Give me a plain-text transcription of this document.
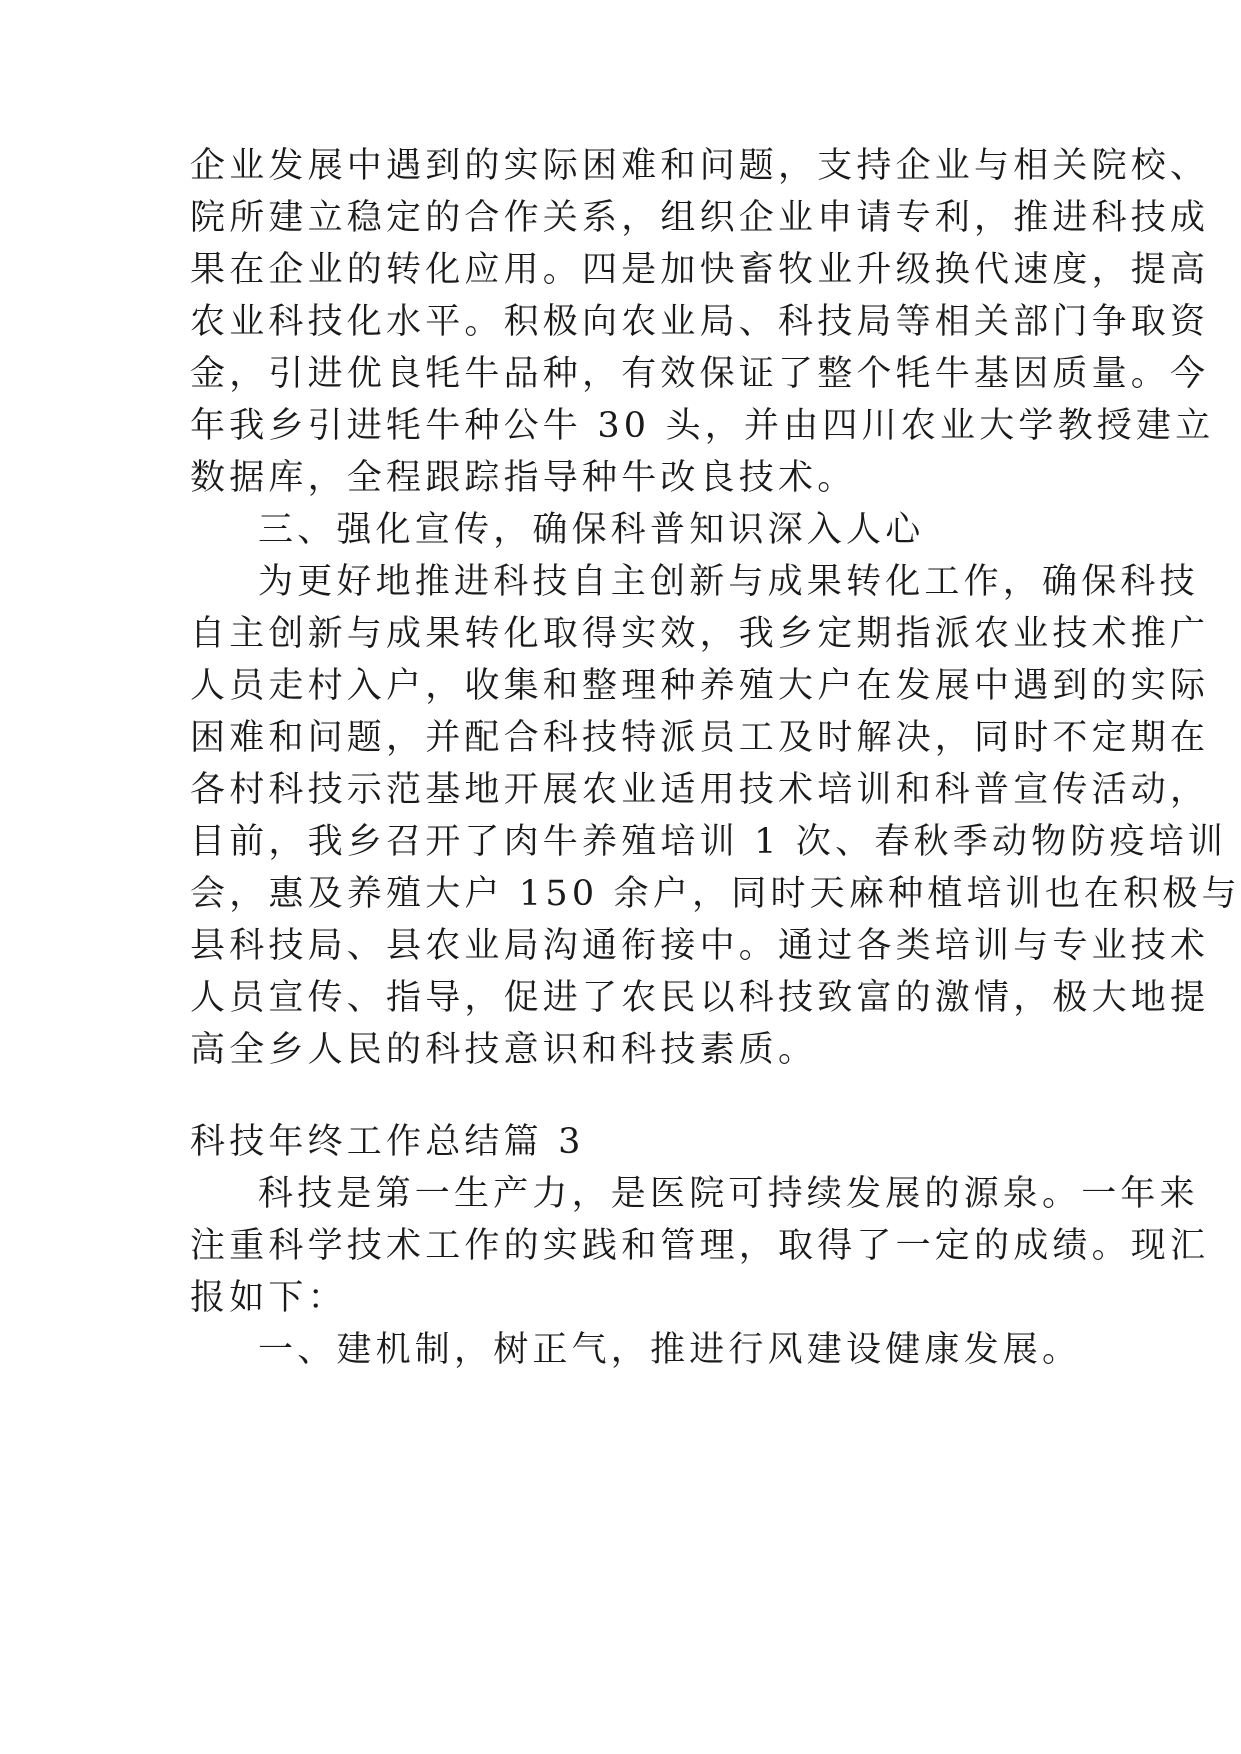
企业发展中遇到的实际困难和问题，支持企业与相关院校、
院所建立稳定的合作关系，组织企业申请专利，推进科技成
果在企业的转化应用。四是加快畜牧业升级换代速度，提高
农业科技化水平。积极向农业局、科技局等相关部门争取资
金，引进优良牦牛品种，有效保证了整个牦牛基因质量。今
年我乡引进牦牛种公牛 30 头，并由四川农业大学教授建立
数据库，全程跟踪指导种牛改良技术。
三、强化宣传，确保科普知识深入人心
为更好地推进科技自主创新与成果转化工作，确保科技
自主创新与成果转化取得实效，我乡定期指派农业技术推广
人员走村入户，收集和整理种养殖大户在发展中遇到的实际
困难和问题，并配合科技特派员工及时解决，同时不定期在
各村科技示范基地开展农业适用技术培训和科普宣传活动，
目前，我乡召开了肉牛养殖培训 1 次、春秋季动物防疫培训
会，惠及养殖大户 150 余户，同时天麻种植培训也在积极与
县科技局、县农业局沟通衔接中。通过各类培训与专业技术
人员宣传、指导，促进了农民以科技致富的激情，极大地提
高全乡人民的科技意识和科技素质。
科技年终工作总结篇 3
科技是第一生产力，是医院可持续发展的源泉。一年来
注重科学技术工作的实践和管理，取得了一定的成绩。现汇
报如下：
一、建机制，树正气，推进行风建设健康发展。
